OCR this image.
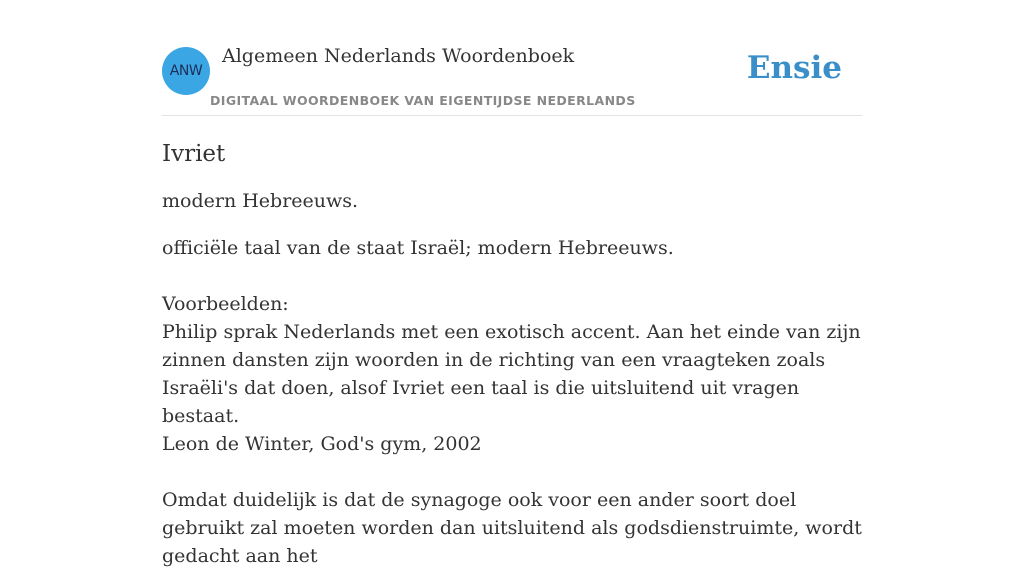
ANW
Algemeen Nederlands Woordenboek
DIGITAAL WOORDENBOEK VAN EIGENTIJDSE NEDERLANDS
Ensie
Ivriet

modern Hebreeuws.

officiële taal van de staat Israël; modern Hebreeuws.

Voorbeelden:
Philip sprak Nederlands met een exotisch accent. Aan het einde van zijn zinnen dansten zijn woorden in de richting van een vraagteken zoals Israëli's dat doen, alsof Ivriet een taal is die uitsluitend uit vragen bestaat.
Leon de Winter, God's gym, 2002

Omdat duidelijk is dat de synagoge ook voor een ander soort doel gebruikt zal moeten worden dan uitsluitend als godsdienstruimte, wordt gedacht aan het
